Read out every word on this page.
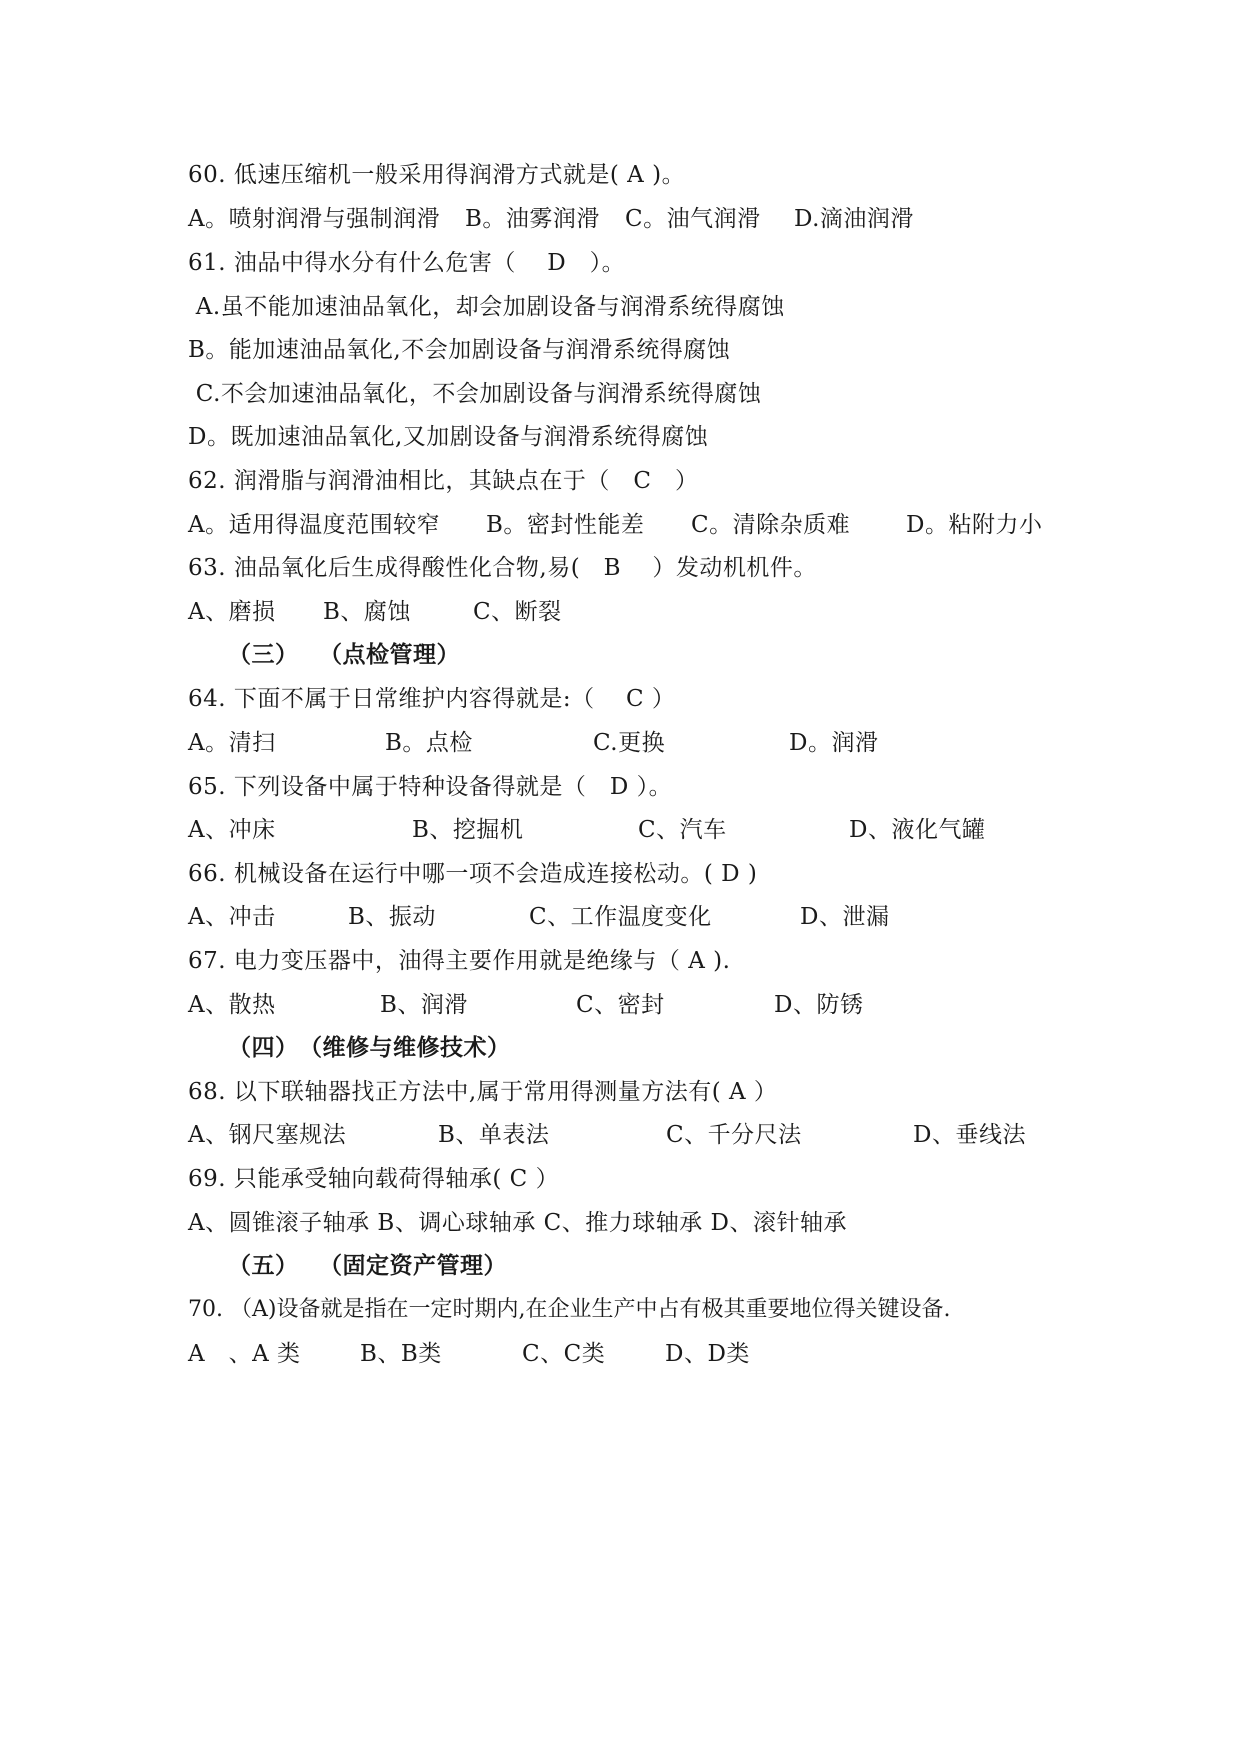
60. 低速压缩机一般采用得润滑方式就是( A )。

A。喷射润滑与强制润滑

B。油雾润滑

C。油气润滑

D.滴油润滑

61. 油品中得水分有什么危害（　 D　）。
A.虽不能加速油品氧化，却会加剧设备与润滑系统得腐蚀
B。能加速油品氧化,不会加剧设备与润滑系统得腐蚀
C.不会加速油品氧化，不会加剧设备与润滑系统得腐蚀
D。既加速油品氧化,又加剧设备与润滑系统得腐蚀
62. 润滑脂与润滑油相比，其缺点在于（　C　）

A。适用得温度范围较窄

B。密封性能差

C。清除杂质难

D。粘附力小

63. 油品氧化后生成得酸性化合物,易(　B　 ）发动机机件。

A、磨损

B、腐蚀

	C、断裂

（三）　 （点检管理）
64. 下面不属于日常维护内容得就是:（　 C ）

A。清扫

	B。点检

	C.更换

	D。润滑

65. 下列设备中属于特种设备得就是（　D ）。

A、冲床

	B、挖掘机

	C、汽车

	D、液化气罐

66. 机械设备在运行中哪一项不会造成连接松动。( D )

A、冲击

	B、振动

	C、工作温度变化

	D、泄漏

67. 电力变压器中，油得主要作用就是绝缘与（ A ).

A、散热

	B、润滑

	C、密封

	D、防锈

（四）　（维修与维修技术）
68. 以下联轴器找正方法中,属于常用得测量方法有( A ）

A、钢尺塞规法

	B、单表法

	C、千分尺法

	D、垂线法

69. 只能承受轴向载荷得轴承( C ）
A、圆锥滚子轴承 B、调心球轴承 C、推力球轴承 D、滚针轴承
（五）　 （固定资产管理）
70. （A)设备就是指在一定时期内,在企业生产中占有极其重要地位得关键设备.

A　、A 类

	B、B类

	C、C类

	D、D类
